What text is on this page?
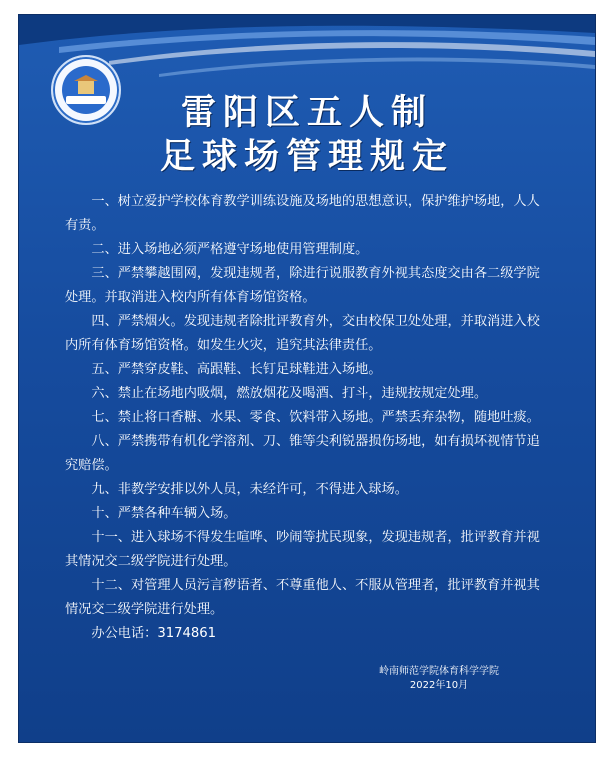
雷阳区五人制
足球场管理规定

一、树立爱护学校体育教学训练设施及场地的思想意识，保护维护场地，人人有责。

二、进入场地必须严格遵守场地使用管理制度。

三、严禁攀越围网，发现违规者，除进行说服教育外视其态度交由各二级学院处理。并取消进入校内所有体育场馆资格。

四、严禁烟火。发现违规者除批评教育外，交由校保卫处处理，并取消进入校内所有体育场馆资格。如发生火灾，追究其法律责任。

五、严禁穿皮鞋、高跟鞋、长钉足球鞋进入场地。

六、禁止在场地内吸烟，燃放烟花及喝酒、打斗，违规按规定处理。

七、禁止将口香糖、水果、零食、饮料带入场地。严禁丢弃杂物，随地吐痰。

八、严禁携带有机化学溶剂、刀、锥等尖利锐器损伤场地，如有损坏视情节追究赔偿。

九、非教学安排以外人员，未经许可，不得进入球场。

十、严禁各种车辆入场。

十一、进入球场不得发生喧哗、吵闹等扰民现象，发现违规者，批评教育并视其情况交二级学院进行处理。

十二、对管理人员污言秽语者、不尊重他人、不服从管理者，批评教育并视其情况交二级学院进行处理。

办公电话：3174861

岭南师范学院体育科学学院
2022年10月
